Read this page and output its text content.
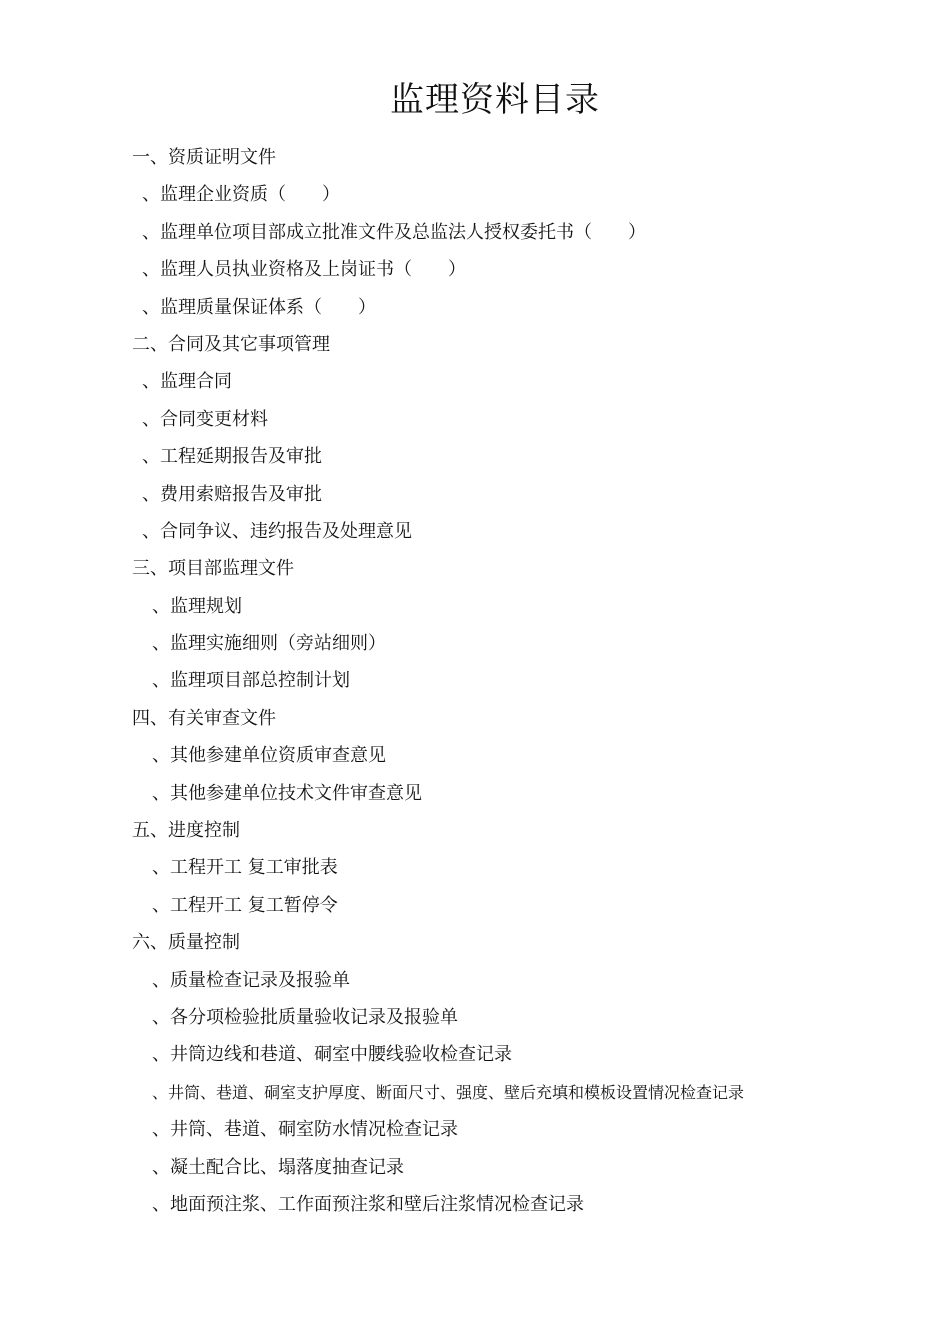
监理资料目录
一、资质证明文件
、监理企业资质（　　）
、监理单位项目部成立批准文件及总监法人授权委托书（　　）
、监理人员执业资格及上岗证书（　　）
、监理质量保证体系（　　）
二、合同及其它事项管理
、监理合同
、合同变更材料
、工程延期报告及审批
、费用索赔报告及审批
、合同争议、违约报告及处理意见
三、项目部监理文件
、监理规划
、监理实施细则（旁站细则）
、监理项目部总控制计划
四、有关审查文件
、其他参建单位资质审查意见
、其他参建单位技术文件审查意见
五、进度控制
、工程开工 复工审批表
、工程开工 复工暂停令
六、质量控制
、质量检查记录及报验单
、各分项检验批质量验收记录及报验单
、井筒边线和巷道、硐室中腰线验收检查记录
、井筒、巷道、硐室支护厚度、断面尺寸、强度、壁后充填和模板设置情况检查记录
、井筒、巷道、硐室防水情况检查记录
、凝土配合比、塌落度抽查记录
、地面预注浆、工作面预注浆和壁后注浆情况检查记录
